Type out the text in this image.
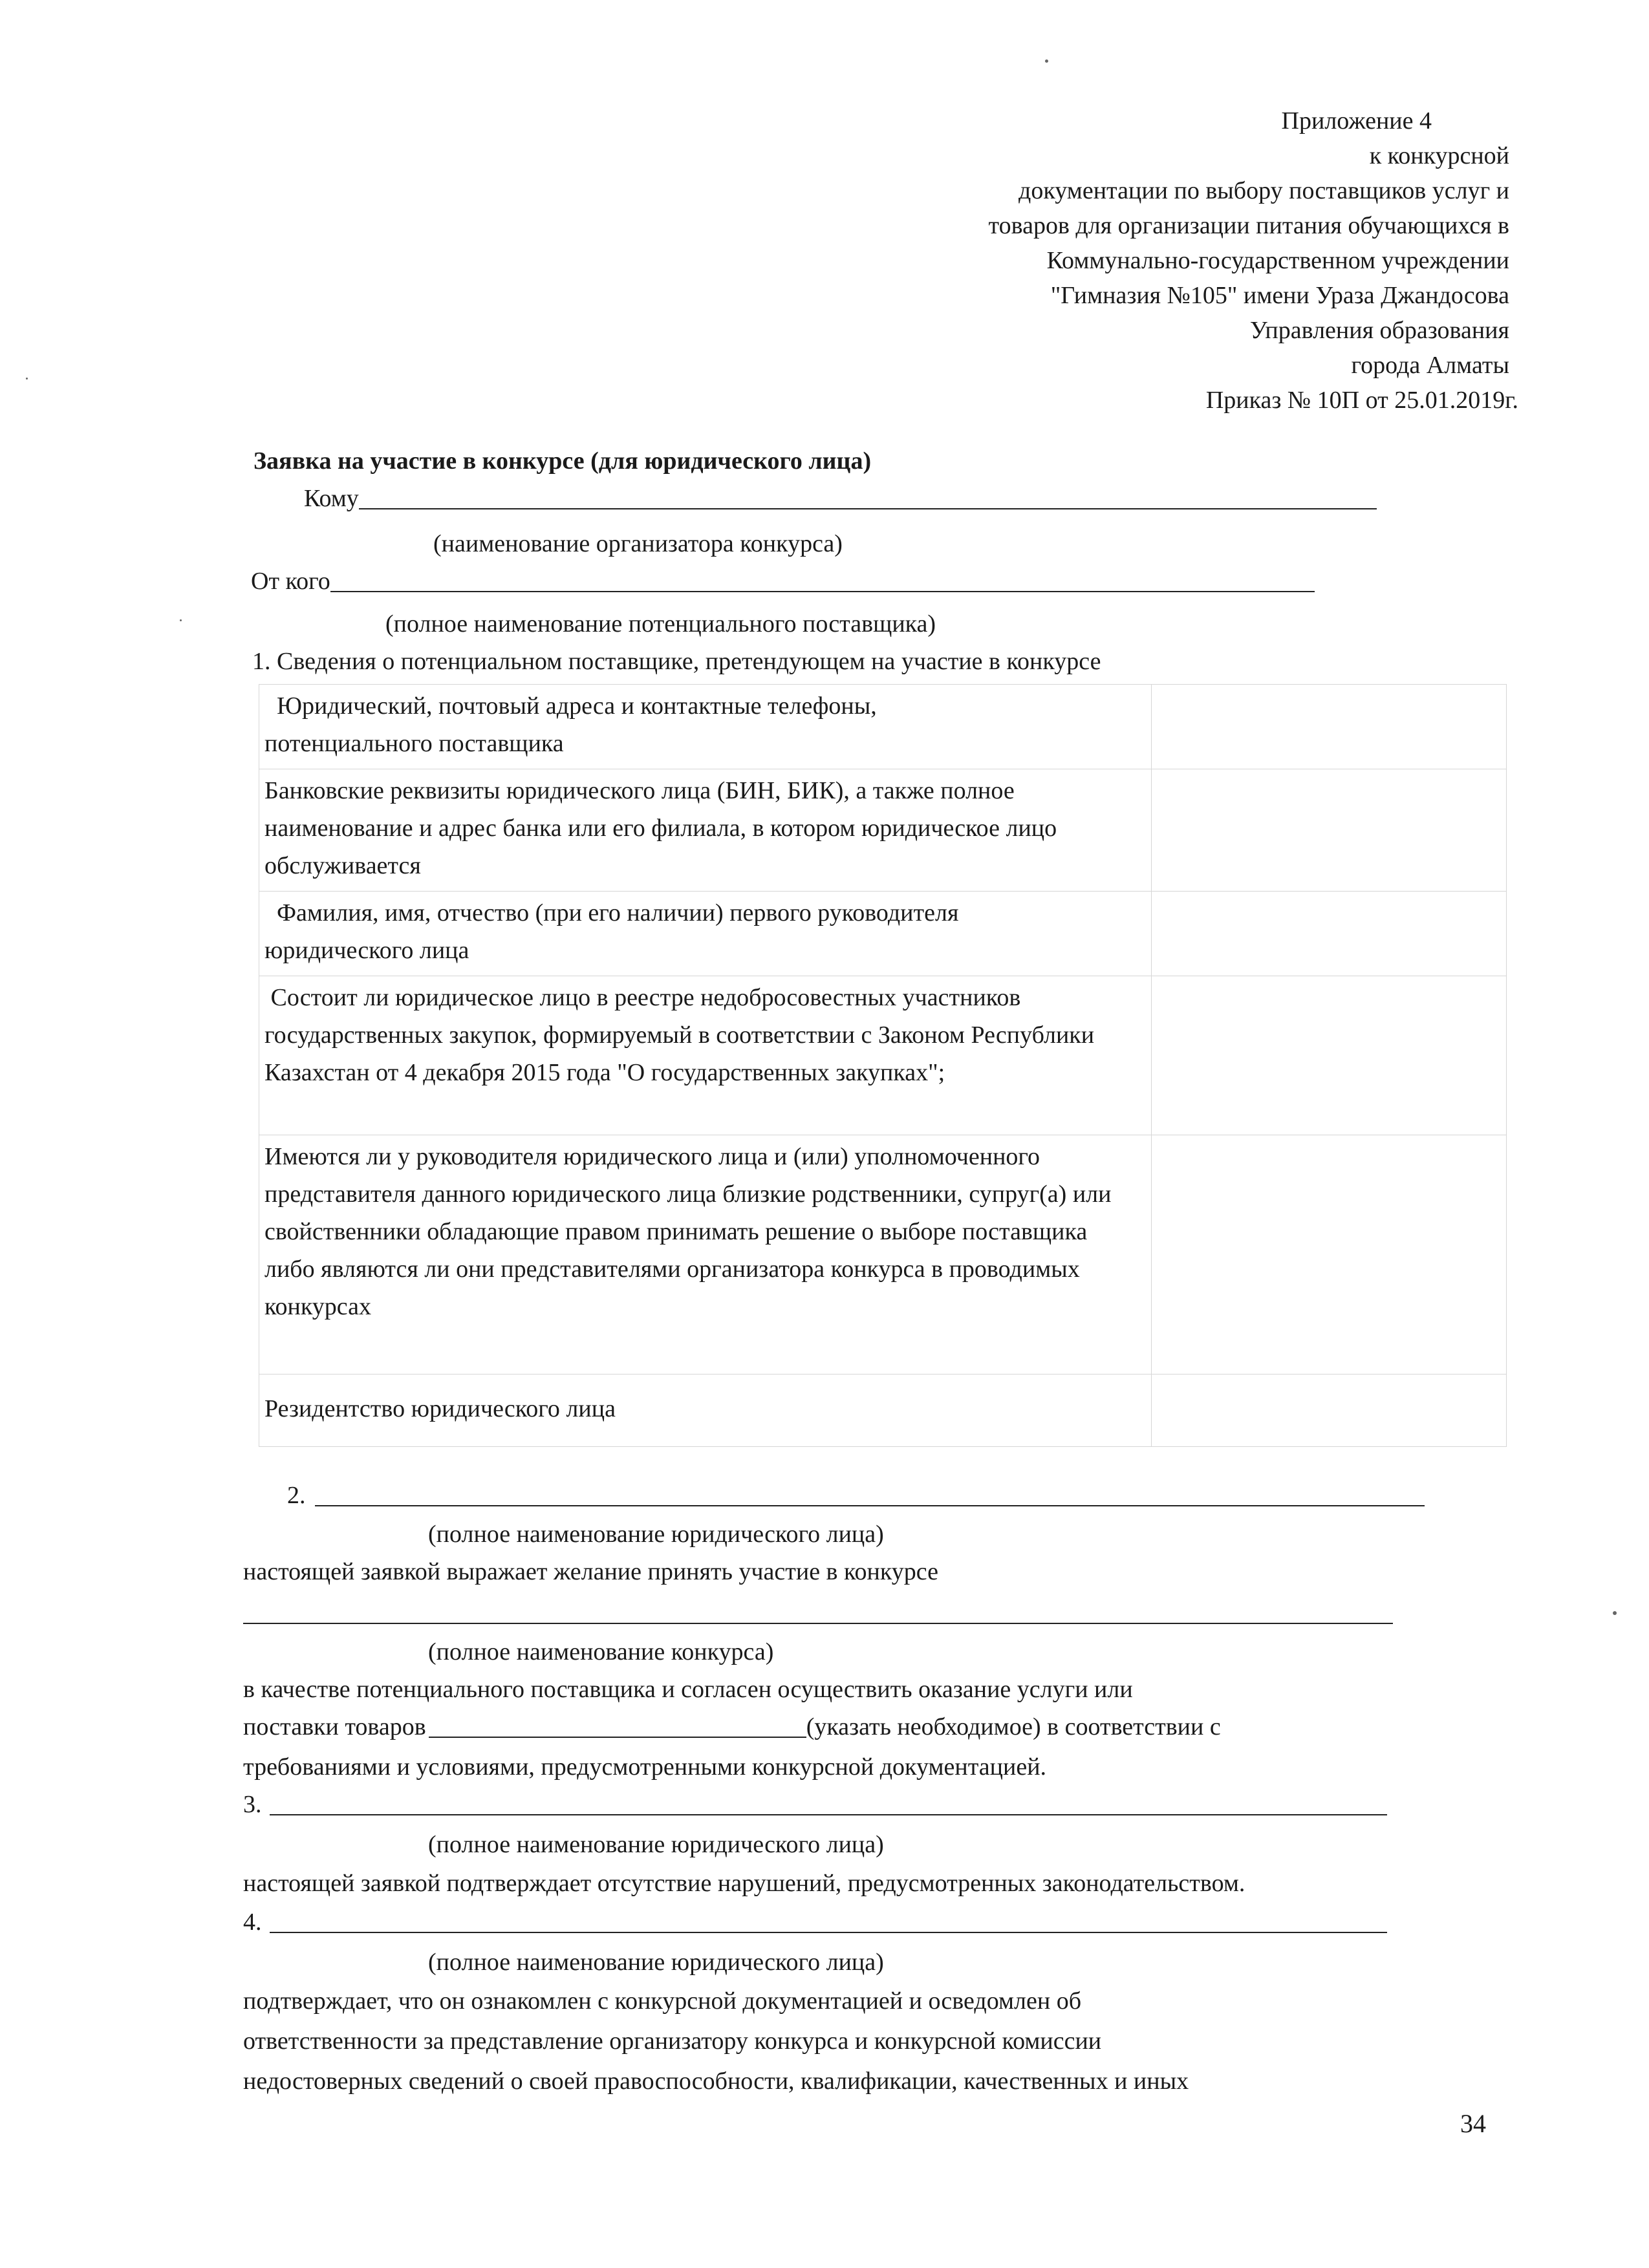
Приложение 4
к конкурсной
документации по выбору поставщиков услуг и
товаров для организации питания обучающихся в
Коммунально-государственном учреждении
"Гимназия №105" имени Ураза Джандосова
Управления образования
города Алматы
Приказ № 10П от 25.01.2019г.
Заявка на участие в конкурсе (для юридического лица)
Кому
(наименование организатора конкурса)
От кого
(полное наименование потенциального поставщика)
1. Сведения о потенциальном поставщике, претендующем на участие в конкурсе
Юридический, почтовый адреса и контактные телефоны, потенциального поставщика	
Банковские реквизиты юридического лица (БИН, БИК), а также полное наименование и адрес банка или его филиала, в котором юридическое лицо обслуживается	
Фамилия, имя, отчество (при его наличии) первого руководителя юридического лица	
Состоит ли юридическое лицо в реестре недобросовестных участников государственных закупок, формируемый в соответствии с Законом Республики Казахстан от 4 декабря 2015 года "О государственных закупках";	
Имеются ли у руководителя юридического лица и (или) уполномоченного представителя данного юридического лица близкие родственники, супруг(а) или свойственники обладающие правом принимать решение о выборе поставщика либо являются ли они представителями организатора конкурса в проводимых конкурсах	
Резидентство юридического лица	
2.
(полное наименование юридического лица)
настоящей заявкой выражает желание принять участие в конкурсе
(полное наименование конкурса)
в качестве потенциального поставщика и согласен осуществить оказание услуги или
поставки товаров	(указать необходимое) в соответствии с
требованиями и условиями, предусмотренными конкурсной документацией.
3.
(полное наименование юридического лица)
настоящей заявкой подтверждает отсутствие нарушений, предусмотренных законодательством.
4.
(полное наименование юридического лица)
подтверждает, что он ознакомлен с конкурсной документацией и осведомлен об
ответственности за представление организатору конкурса и конкурсной комиссии
недостоверных сведений о своей правоспособности, квалификации, качественных и иных
34
